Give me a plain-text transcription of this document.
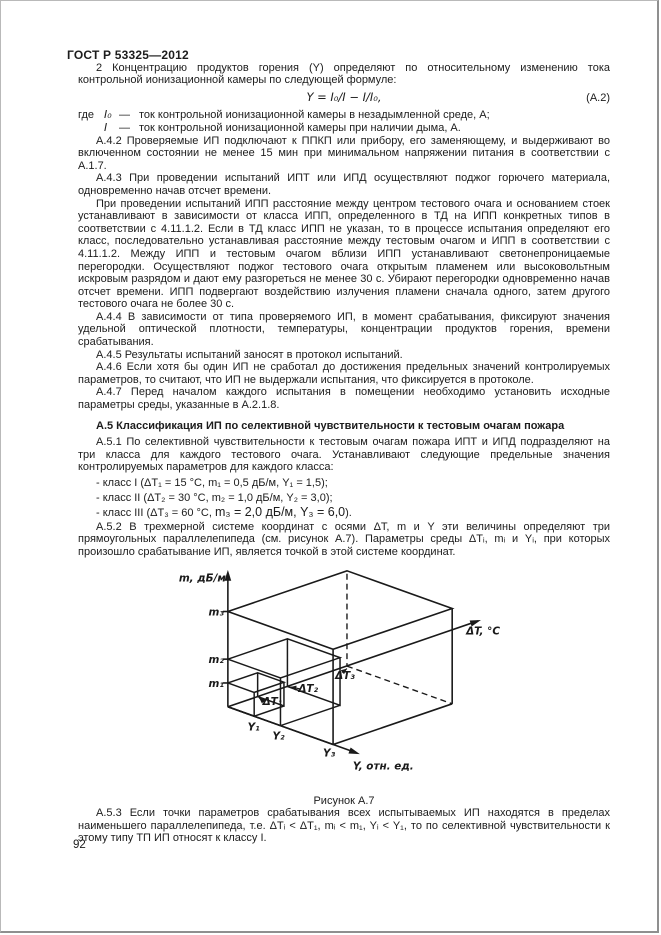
ГОСТ Р 53325—2012

2 Концентрацию продуктов горения (Y) определяют по относительному изменению тока контрольной ионизационной камеры по следующей формуле:

Y = I₀/I − I/I₀,	(А.2)
где I₀ — ток контрольной ионизационной камеры в незадымленной среде, А;
I	— ток контрольной ионизационной камеры при наличии дыма, А.

А.4.2 Проверяемые ИП подключают к ППКП или прибору, его заменяющему, и выдерживают во включенном состоянии не менее 15 мин при минимальном напряжении питания в соответствии с А.1.7.

А.4.3 При проведении испытаний ИПТ или ИПД осуществляют поджог горючего материала, одновременно начав отсчет времени.

При проведении испытаний ИПП расстояние между центром тестового очага и основанием стоек устанавливают в зависимости от класса ИПП, определенного в ТД на ИПП конкретных типов в соответствии с 4.11.1.2. Если в ТД класс ИПП не указан, то в процессе испытания определяют его класс, последовательно устанавливая расстояние между тестовым очагом и ИПП в соответствии с 4.11.1.2. Между ИПП и тестовым очагом вблизи ИПП устанавливают светонепроницаемые перегородки. Осуществляют поджог тестового очага открытым пламенем или высоковольтным искровым разрядом и дают ему разгореться не менее 30 с. Убирают перегородки одновременно начав отсчет времени. ИПП подвергают воздействию излучения пламени сначала одного, затем другого тестового очага не более 30 с.

А.4.4 В зависимости от типа проверяемого ИП, в момент срабатывания, фиксируют значения удельной оптической плотности, температуры, концентрации продуктов горения, времени срабатывания.

А.4.5 Результаты испытаний заносят в протокол испытаний.

А.4.6 Если хотя бы один ИП не сработал до достижения предельных значений контролируемых параметров, то считают, что ИП не выдержали испытания, что фиксируется в протоколе.

А.4.7 Перед началом каждого испытания в помещении необходимо установить исходные параметры среды, указанные в А.2.1.8.

А.5 Классификация ИП по селективной чувствительности к тестовым очагам пожара

А.5.1 По селективной чувствительности к тестовым очагам пожара ИПТ и ИПД подразделяют на три класса для каждого тестового очага. Устанавливают следующие предельные значения контролируемых параметров для каждого класса:

- класс I (ΔT₁ = 15 °С, m₁ = 0,5 дБ/м, Y₁ = 1,5);
- класс II (ΔT₂ = 30 °С, m₂ = 1,0 дБ/м, Y₂ = 3,0);
- класс III (ΔT₃ = 60 °С, m₃ = 2,0 дБ/м, Y₃ = 6,0).

А.5.2 В трехмерной системе координат с осями ΔT, m и Y эти величины определяют три прямоугольных параллелепипеда (см. рисунок А.7). Параметры среды ΔTᵢ, mᵢ и Yᵢ, при которых произошло срабатывание ИП, является точкой в этой системе координат.

m, дБ/м
ΔT, °С
Y, отн. ед.
m₁
m₂
m₃
Y₁
Y₂
Y₃
ΔT₁
ΔT₂
ΔT₃
Рисунок А.7

А.5.3 Если точки параметров срабатывания всех испытываемых ИП находятся в пределах наименьшего параллелепипеда, т.е. ΔTᵢ < ΔT₁, mᵢ < m₁, Yᵢ < Y₁, то по селективной чувствительности к этому типу ТП ИП относят к классу I.

92
